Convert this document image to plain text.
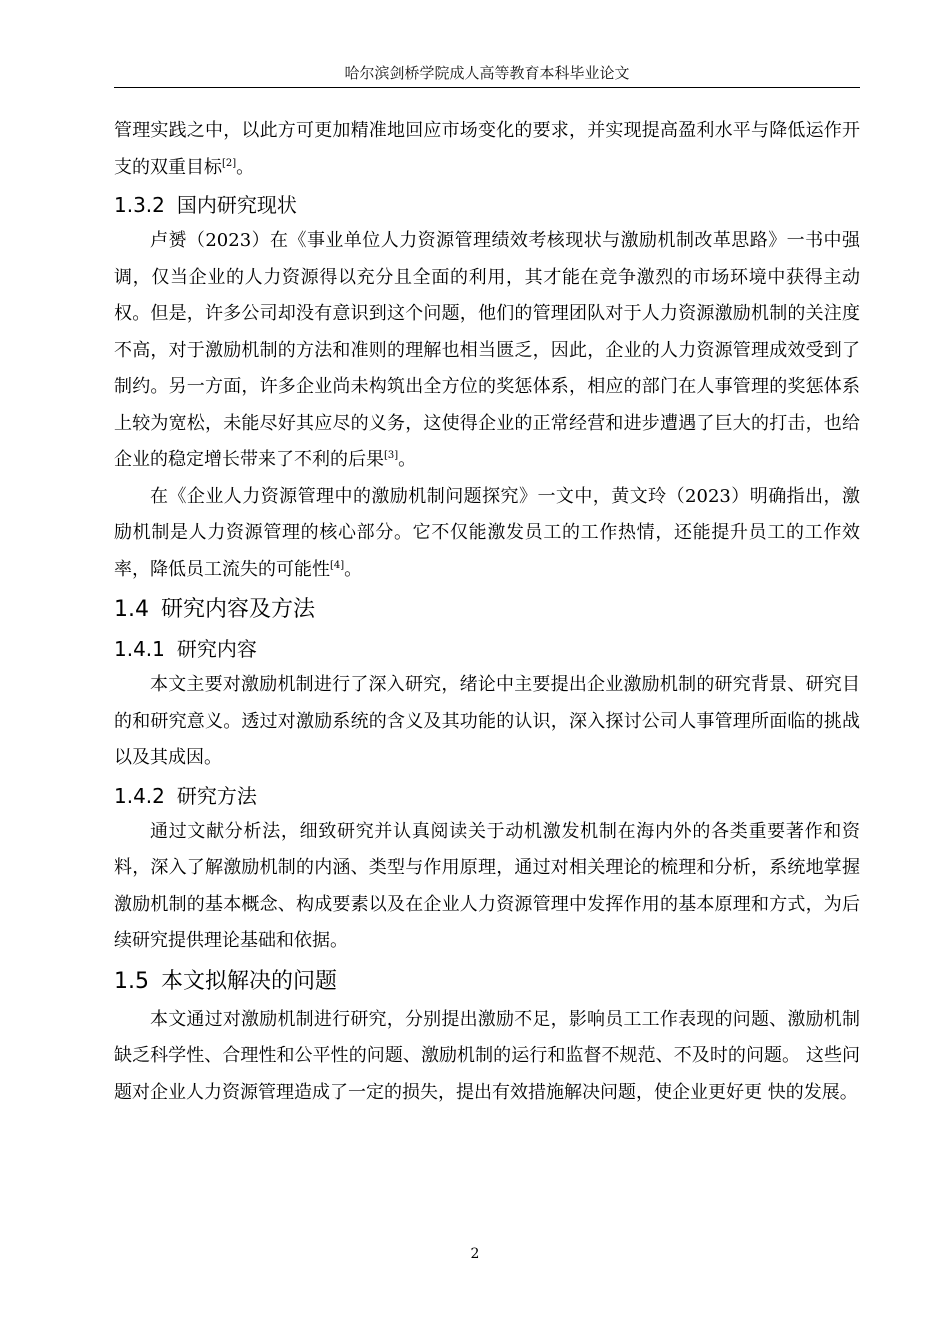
哈尔滨剑桥学院成人高等教育本科毕业论文

管理实践之中，以此方可更加精准地回应市场变化的要求，并实现提高盈利水平与降低运作开支的双重目标[2]。

1.3.2 国内研究现状

卢赟（2023）在《事业单位人力资源管理绩效考核现状与激励机制改革思路》一书中强调，仅当企业的人力资源得以充分且全面的利用，其才能在竞争激烈的市场环境中获得主动权。但是，许多公司却没有意识到这个问题，他们的管理团队对于人力资源激励机制的关注度不高，对于激励机制的方法和准则的理解也相当匮乏，因此，企业的人力资源管理成效受到了制约。另一方面，许多企业尚未构筑出全方位的奖惩体系，相应的部门在人事管理的奖惩体系上较为宽松，未能尽好其应尽的义务，这使得企业的正常经营和进步遭遇了巨大的打击，也给企业的稳定增长带来了不利的后果[3]。

在《企业人力资源管理中的激励机制问题探究》一文中，黄文玲（2023）明确指出，激励机制是人力资源管理的核心部分。它不仅能激发员工的工作热情，还能提升员工的工作效率，降低员工流失的可能性[4]。

1.4 研究内容及方法
1.4.1 研究内容

本文主要对激励机制进行了深入研究，绪论中主要提出企业激励机制的研究背景、研究目的和研究意义。透过对激励系统的含义及其功能的认识，深入探讨公司人事管理所面临的挑战以及其成因。

1.4.2 研究方法

通过文献分析法，细致研究并认真阅读关于动机激发机制在海内外的各类重要著作和资料，深入了解激励机制的内涵、类型与作用原理，通过对相关理论的梳理和分析，系统地掌握激励机制的基本概念、构成要素以及在企业人力资源管理中发挥作用的基本原理和方式，为后续研究提供理论基础和依据。

1.5 本文拟解决的问题

本文通过对激励机制进行研究，分别提出激励不足，影响员工工作表现的问题、激励机制缺乏科学性、合理性和公平性的问题、激励机制的运行和监督不规范、不及时的问题。 这些问题对企业人力资源管理造成了一定的损失，提出有效措施解决问题，使企业更好更 快的发展。

2
